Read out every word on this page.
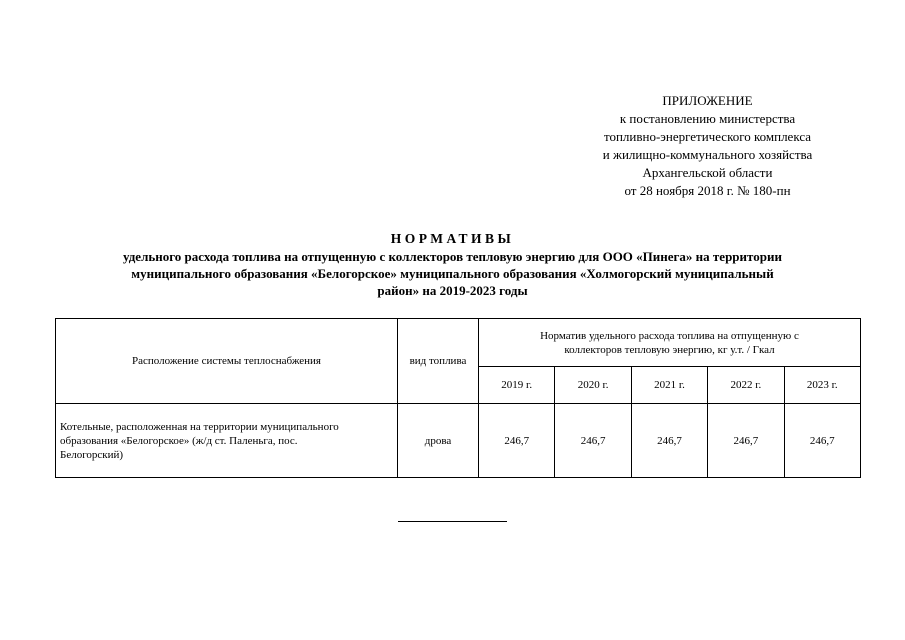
ПРИЛОЖЕНИЕ
к постановлению министерства
топливно-энергетического комплекса
и жилищно-коммунального хозяйства
Архангельской области
от 28 ноября 2018 г. № 180-пн
НОРМАТИВЫ
удельного расхода топлива на отпущенную с коллекторов тепловую энергию для ООО «Пинега» на территории
муниципального образования «Белогорское» муниципального образования «Холмогорский муниципальный
район» на 2019-2023 годы
Расположение системы теплоснабжения	вид топлива	Норматив удельного расхода топлива на отпущенную с
коллекторов тепловую энергию, кг у.т. / Гкал				

		2019 г.	2020 г.	2021 г.	2022 г.	2023 г.

Котельные, расположенная на территории муниципального
образования «Белогорское» (ж/д ст. Паленьга, пос.
Белогорский)	дрова	246,7	246,7	246,7	246,7	246,7
